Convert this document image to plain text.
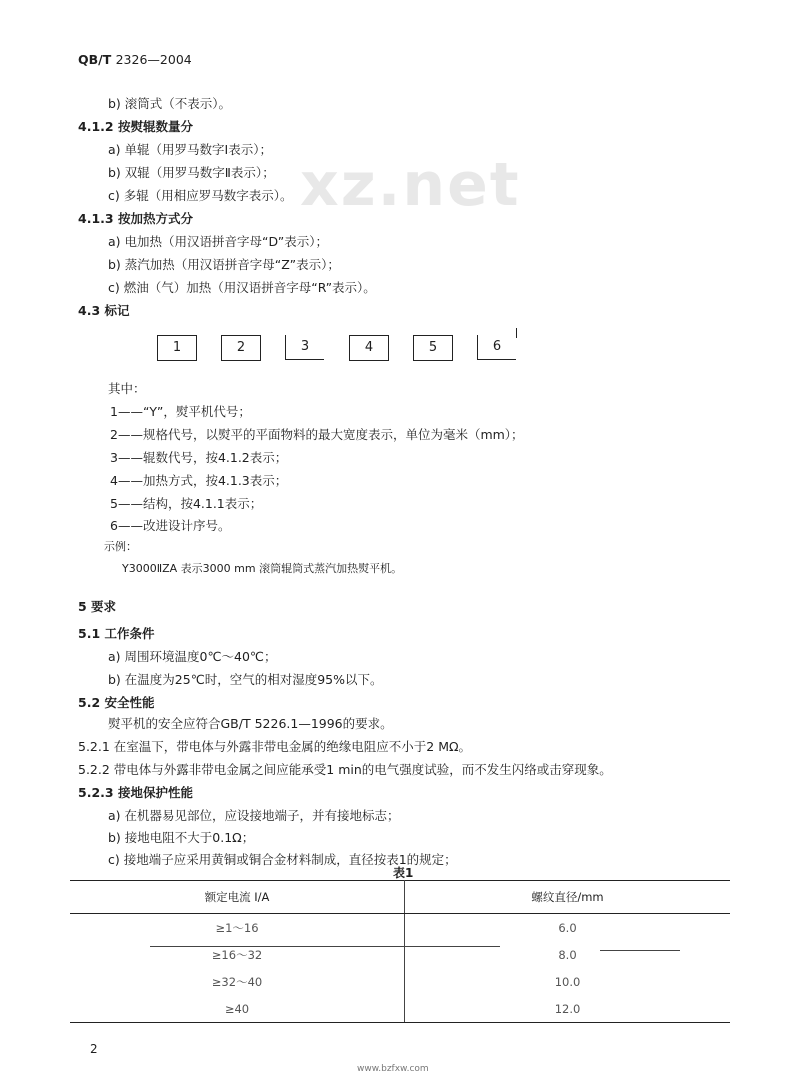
QB/T 2326—2004
xz.net
b) 滚筒式（不表示）。
4.1.2 按熨辊数量分
a) 单辊（用罗马数字Ⅰ表示）；
b) 双辊（用罗马数字Ⅱ表示）；
c) 多辊（用相应罗马数字表示）。
4.1.3 按加热方式分
a) 电加热（用汉语拼音字母“D”表示）；
b) 蒸汽加热（用汉语拼音字母“Z”表示）；
c) 燃油（气）加热（用汉语拼音字母“R”表示）。
4.3 标记
1	2	3	4	5	6
其中：
1——“Y”，熨平机代号；
2——规格代号，以熨平的平面物料的最大宽度表示，单位为毫米（mm）；
3——辊数代号，按4.1.2表示；
4——加热方式，按4.1.3表示；
5——结构，按4.1.1表示；
6——改进设计序号。
示例：
Y3000ⅡZA 表示3000 mm 滚筒辊筒式蒸汽加热熨平机。
5 要求
5.1 工作条件
a) 周围环境温度0℃～40℃；
b) 在温度为25℃时，空气的相对湿度95%以下。
5.2 安全性能
熨平机的安全应符合GB/T 5226.1—1996的要求。
5.2.1 在室温下，带电体与外露非带电金属的绝缘电阻应不小于2 MΩ。
5.2.2 带电体与外露非带电金属之间应能承受1 min的电气强度试验，而不发生闪络或击穿现象。
5.2.3 接地保护性能
a) 在机器易见部位，应设接地端子，并有接地标志；
b) 接地电阻不大于0.1Ω；
c) 接地端子应采用黄铜或铜合金材料制成，直径按表1的规定；
表1
额定电流 I/A	螺纹直径/mm
≥1～16	6.0
≥16～32	8.0
≥32～40	10.0
≥40	12.0
2
www.bzfxw.com
